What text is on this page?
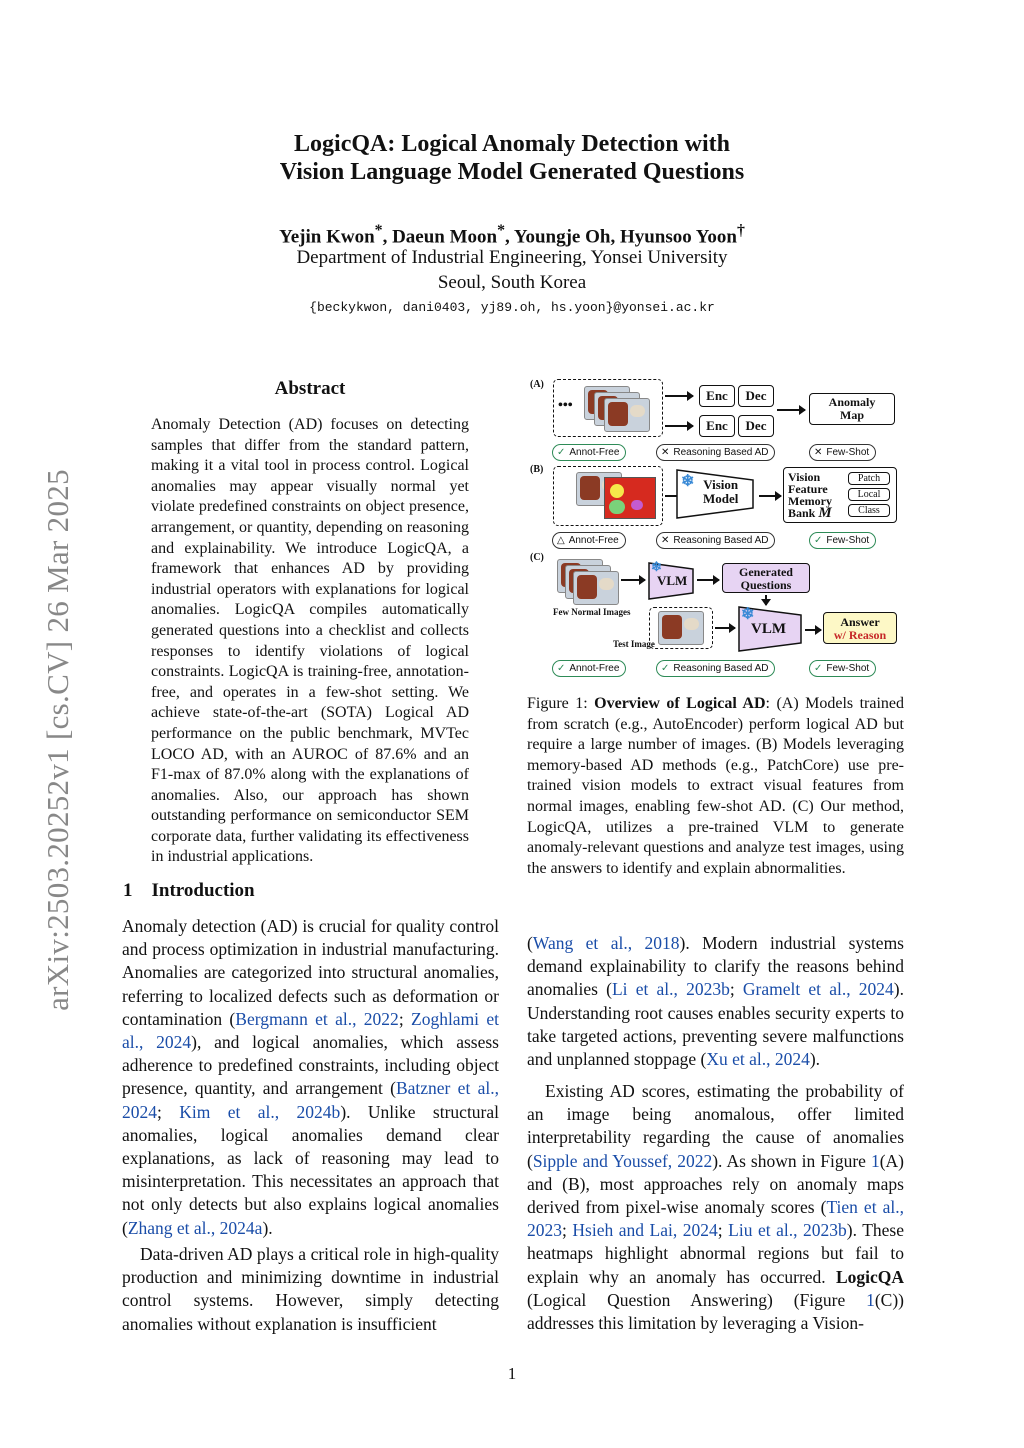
arXiv:2503.20252v1 [cs.CV] 26 Mar 2025
LogicQA: Logical Anomaly Detection with
Vision Language Model Generated Questions
Yejin Kwon*, Daeun Moon*, Youngje Oh, Hyunsoo Yoon†
Department of Industrial Engineering, Yonsei University
Seoul, South Korea
{beckykwon, dani0403, yj89.oh, hs.yoon}@yonsei.ac.kr
Abstract
Anomaly Detection (AD) focuses on detecting samples that differ from the standard pattern, making it a vital tool in process control. Logical anomalies may appear visually normal yet violate predefined constraints on object presence, arrangement, or quantity, depending on reasoning and explainability. We introduce LogicQA, a framework that enhances AD by providing industrial operators with explanations for logical anomalies. LogicQA compiles automatically generated questions into a checklist and collects responses to identify violations of logical constraints. LogicQA is training-free, annotation-free, and operates in a few-shot setting. We achieve state-of-the-art (SOTA) Logical AD performance on the public benchmark, MVTec LOCO AD, with an AUROC of 87.6% and an F1-max of 87.0% along with the explanations of anomalies. Also, our approach has shown outstanding performance on semiconductor SEM corporate data, further validating its effectiveness in industrial applications.
1 Introduction
Anomaly detection (AD) is crucial for quality control and process optimization in industrial manufacturing. Anomalies are categorized into structural anomalies, referring to localized defects such as deformation or contamination (Bergmann et al., 2022; Zoghlami et al., 2024), and logical anomalies, which assess adherence to predefined constraints, including object presence, quantity, and arrangement (Batzner et al., 2024; Kim et al., 2024b). Unlike structural anomalies, logical anomalies demand clear explanations, as lack of reasoning may lead to misinterpretation. This necessitates an approach that not only detects but also explains logical anomalies (Zhang et al., 2024a).
Data-driven AD plays a critical role in high-quality production and minimizing downtime in industrial control systems. However, simply detecting anomalies without explanation is insufficient
(Wang et al., 2018). Modern industrial systems demand explainability to clarify the reasons behind anomalies (Li et al., 2023b; Gramelt et al., 2024). Understanding root causes enables security experts to take targeted actions, preventing severe malfunctions and unplanned stoppage (Xu et al., 2024).
Existing AD scores, estimating the probability of an image being anomalous, offer limited interpretability regarding the cause of anomalies (Sipple and Youssef, 2022). As shown in Figure 1(A) and (B), most approaches rely on anomaly maps derived from pixel-wise anomaly scores (Tien et al., 2023; Hsieh and Lai, 2024; Liu et al., 2023b). These heatmaps highlight abnormal regions but fail to explain why an anomaly has occurred. LogicQA (Logical Question Answering) (Figure 1(C)) addresses this limitation by leveraging a Vision-
(A)
•••
Enc	Dec
Enc	Dec
Anomaly
Map
✓ Annot-Free	✕ Reasoning Based AD	✕ Few-Shot
(B)
Vision
Model
❄	Vision
Feature
Memory
Bank M
Patch
Local
Class
△ Annot-Free	✕ Reasoning Based AD	✓ Few-Shot
(C)
Few Normal Images
VLM
❄	Generated
Questions
Test Image
VLM
❄	Answer
w/ Reason
✓ Annot-Free	✓ Reasoning Based AD	✓ Few-Shot
Figure 1: Overview of Logical AD: (A) Models trained from scratch (e.g., AutoEncoder) perform logical AD but require a large number of images. (B) Models leveraging memory-based AD methods (e.g., PatchCore) use pre-trained vision models to extract visual features from normal images, enabling few-shot AD. (C) Our method, LogicQA, utilizes a pre-trained VLM to generate anomaly-relevant questions and analyze test images, using the answers to identify and explain abnormalities.
1
